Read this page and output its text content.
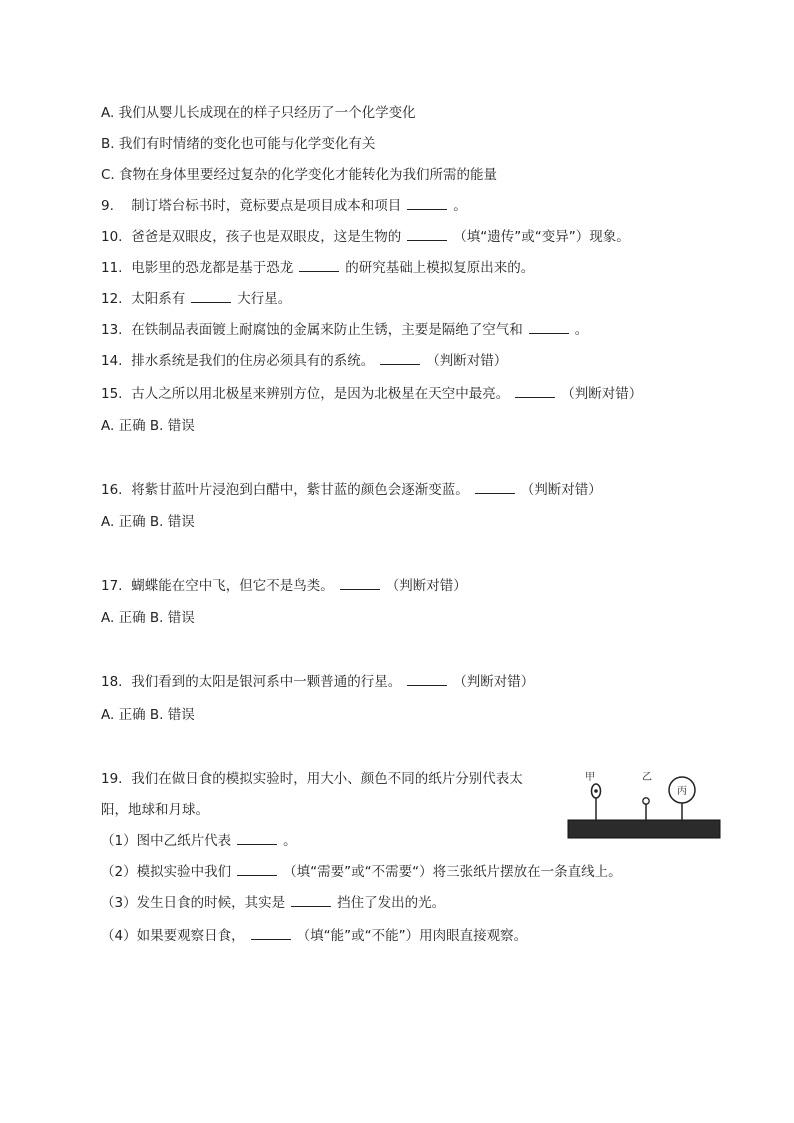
A. 我们从婴儿长成现在的样子只经历了一个化学变化
B. 我们有时情绪的变化也可能与化学变化有关
C. 食物在身体里要经过复杂的化学变化才能转化为我们所需的能量
9. 制订塔台标书时，竟标要点是项目成本和项目	。
10. 爸爸是双眼皮，孩子也是双眼皮，这是生物的	（填“遗传”或“变异”）现象。
11. 电影里的恐龙都是基于恐龙	的研究基础上模拟复原出来的。
12. 太阳系有	大行星。
13. 在铁制品表面镀上耐腐蚀的金属来防止生锈，主要是隔绝了空气和	。
14. 排水系统是我们的住房必须具有的系统。	（判断对错）
15. 古人之所以用北极星来辨别方位，是因为北极星在天空中最亮。	（判断对错）
A. 正确 B. 错误
16. 将紫甘蓝叶片浸泡到白醋中，紫甘蓝的颜色会逐渐变蓝。	（判断对错）
A. 正确 B. 错误
17. 蝴蝶能在空中飞，但它不是鸟类。	（判断对错）
A. 正确 B. 错误
18. 我们看到的太阳是银河系中一颗普通的行星。	（判断对错）
A. 正确 B. 错误
19. 我们在做日食的模拟实验时，用大小、颜色不同的纸片分别代表太
阳，地球和月球。
（1）图中乙纸片代表	。
（2）模拟实验中我们	（填“需要”或“不需要“）将三张纸片摆放在一条直线上。
（3）发生日食的时候，其实是	挡住了发出的光。
（4）如果要观察日食，	（填“能”或“不能”）用肉眼直接观察。
甲	乙
丙
